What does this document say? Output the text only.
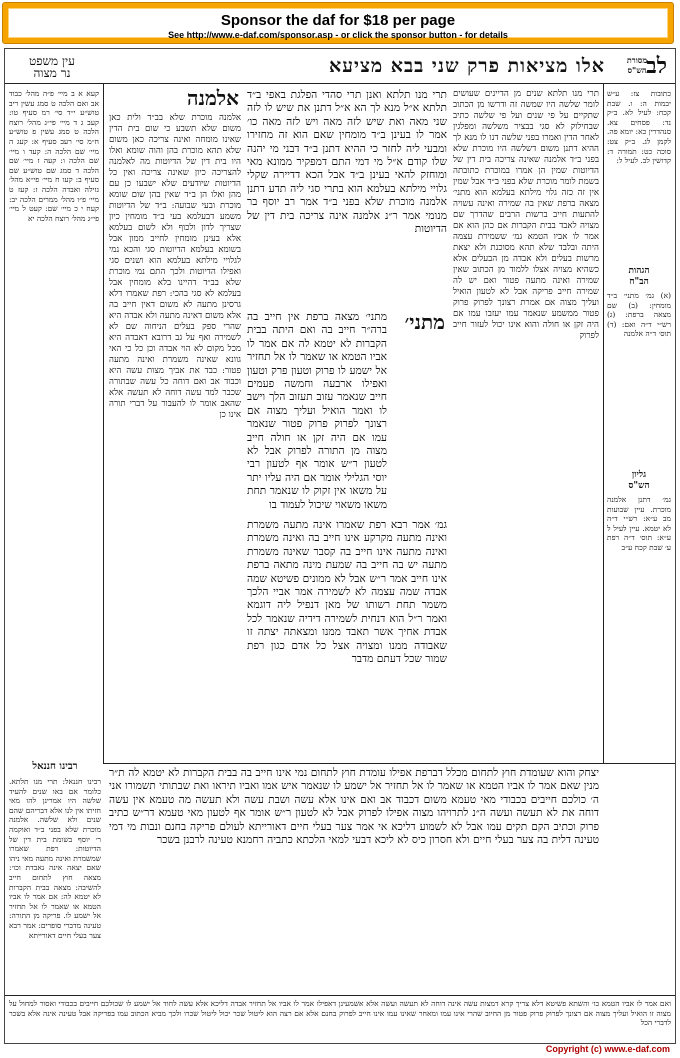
Sponsor the daf for $18 per page
See http://www.e-daf.com/sponsor.asp - or click the sponsor button - for details
לב
אלו מציאות פרק שני בבא מציעא
עין משפט
נר מצוה
מסורת
הש"ס
קעא א ב מיי׳ פ״ה מהל׳ כבוד אב ואם הלכה ט סמג עשין ריב טוש״ע י״ד סי׳ רמ סעיף טו: קעב ג ד מיי׳ פי״ג מהל׳ רוצח הלכה ט סמג עשין פ טוש״ע ח״מ סי׳ רעב סעיף א: קעג ה מיי׳ שם הלכה ה: קעד ו מיי׳ שם הלכה ו: קעה ז מיי׳ שם הלכה ד סמג שם טוש״ע שם סעיף ב: קעו ח מיי׳ פי״א מהל׳ גזילה ואבדה הלכה ז: קעז ט מיי׳ פ״ו מהל׳ ממרים הלכה יב: קעח י כ מיי׳ שם: קעט ל מיי׳ פי״ג מהל׳ רוצח הלכה יא
רבינו חננאל
רבינו חננאל: תרי מנו תלתא. כלומר אם באו שנים להעיד שלשה היו אמרינן להו מאי חזיתו אין לנו אלא דבריהם שהם שנים ולא שלשה. אלמנה מוכרת שלא בפני ב״ד ואוקמה ר׳ יוסף בשומת בית דין של הדיוטות: רפת שאמרו שמשמרת ואינה מתעה מאי ניהו שאם יצאה אינה נאבדת וכו׳: מצאה חוץ לתחום חייב להשיבה: מצאה בבית הקברות לא יטמא לה: אם אמר לו אביו הטמא או שאמר לו אל תחזיר אל ישמע לו. פריקה מן התורה: טעינה מדברי סופרים: אמר רבא צער בעלי חיים דאורייתא
אלמנה
אלמנה מוכרת שלא בב״ד ולית כאן משום שלא תשבע כי שום בית הדין שאינו מומחה ואינה צריכה כאן משום שלא תהא מוכרת בהן והוה שומא ואלו היו בית דין של הדיוטות מה לאלמנה להצריכה כיון שאינה צריכה ואין כל הדיוטות שיודעים שלא ישבעו כן עם מהן ואלו הן ב״ד שאין בהן שום שומא מוכרת ובעי שבועה: ב״ד של הדיוטות משמע דבעלמא בעי ב״ד מומחין כיון שצריך לדון ולכוף ולא לשום בעלמא אלא בעינן מומחין לחייב ממון אבל בשומא בעלמא הדיוטות סגי והכא נמי לגלויי מילתא בעלמא הוא ושנים סגי ואפילו הדיוטות ולכך התם נמי מוכרת שלא בב״ד דהיינו בלא מומחין אבל בעלמא לא סגי בהכי: רפת שאמרו דלא גרסינן מתעה לא משום דאין חייב בה אלא משום דאינה מתעה ולא אבדה היא שהרי ספק בעלים הניחוה שם לא לשמירה ואף על גב דרובא דאבדה היא מכל מקום לא הוי אבדה וכן כל כי האי גוונא שאינה משמרת ואינה מתעה פטור: כבד את אביך מצות עשה היא וכבוד אב ואם דוחה כל עשה שבתורה שכבר למד עשה דוחה לא תעשה אלא שהאב אומר לו להעבור על דברי תורה אינו כן
תרי מנו תלתא ואנן תרי סהדי הפלגת באפי ב״ד תלתא א״ל מנא לך הא א״ל דתנן את שיש לו לזה שני מאה ואת שיש לזה מאה ויש לזה מאה כו׳ אמר לו בעינן ב״ד מומחין שאם הוא זה מחזירו ומבעי ליה לחזר כי ההיא דתנן ב״ד דבני מי יהנה שלו קודם א״ל מי דמי התם דמפקיר ממונא מאי ומוחזק להאי בעינן ב״ד אבל הכא דדיירה שקלי גלויי מילתא בעלמא הוא בתרי סגי ליה תדע דתנן אלמנה מוכרת שלא בפני ב״ד אמר רב יוסף בר מנומי אמר ר״נ אלמנה אינה צריכה בית דין של הדיוטות
מתני׳
מתני׳ מצאה ברפת אין חייב בה ברה״ר חייב בה ואם היתה בבית הקברות לא יטמא לה אם אמר לו אביו הטמא או שאמר לו אל תחזיר אל ישמע לו פרוק וטעון פרק וטעון ואפילו ארבעה וחמשה פעמים חייב שנאמר עזוב תעזוב הלך וישב לו ואמר הואיל ועליך מצוה אם רצונך לפרוק פרוק פטור שנאמר עמו אם היה זקן או חולה חייב מצוה מן התורה לפרוק אבל לא לטעון ר״ש אומר אף לטעון רבי יוסי הגלילי אומר אם היה עליו יתר על משאו אין זקוק לו שנאמר תחת משאו משאוי שיכול לעמוד בו
גמ׳ אמר רבא רפת שאמרו אינה מתעה משמרת ואינה מתעה מקרקע אינו חייב בה ואינה משמרת ואינה מתעה אינו חייב בה קסבר שאינה משמרת מתעה יש בה חייב בה שמעת מינה מתאה ברפת אינו חייב אמר ר״ש אבל לא ממונים פשיטא שמה אבדה שמה עצמה לא לשמירה אמר אביי הלכך משמר תחת רשותו של מאן דנפיל ליה דוגמא ואמר ר״ל הוא דנחית לשמירה דידיה שנאמר לכל אבדת אחיך אשר תאבד ממנו ומצאתה יצתה זו שאבודה ממנו ומצויה אצל כל אדם כגון רפת שמור שכל דעתם מדבר
תרי מנו תלתא שנים מן הדיינים שעושים לומר שלשה היו שמשה זה ודרשו מן הכתוב שתקיים על פי שנים ועל פי שלשה כתיב שבחילוק לא סגי בבציר משלשה ומפלגין לאחר הדין ואמרו בפני שלשה דנו לו מנא לך ההיא דתנן משום דשלשה היו מוכרת שלא בפני ב״ד אלמנה שאינה צריכה בית דין של הדיוטות שמין הן אמרו במוכרת כתובתה בשמת לומר מוכרת שלא בפני ב״ד אבל שמין אין זה כזה גלוי מילתא בעלמא הוא מתני׳ מצאה ברפת שאין בה שמירה ואינה עשויה להתעות חייב ברשות הרבים שהדרך שם מצויה לאבד בבית הקברות אם כהן הוא אם אמר לו אביו הטמא גמ׳ ששמירת עצמה היתה ובלבד שלא תהא מסוכנת ולא יצאת מרשות בעלים ולא אבדה מן הבעלים אלא כשהיא מצויה אצלו ללמוד מן הכתוב שאין שמירה ואינה מתעה פטור ואם יש לה שמירה חייב פריקה אבל לא לטעון הואיל ועליך מצוה אם אמרת רצונך לפרוק פרוק פטור ממשמע שנאמר עמו יעזבו עמו אם היה זקן או חולה והוא אינו יכול לעזור חייב לפרוק
כתובות צז: ע״ש יבמות ה: ו. שבת קכח: לעיל לא. ב״ק נד: פסחים צא. סנהדרין כא: יומא פה. לקמן לג. ב״ק צט: סוכה כט: תמורה ד: קדושין לב. לעיל ל:
הגהות
הב"ח
(א) גמ׳ מתני׳ ב״ד מומחין: (ב) שם מצאה ברפת: (ג) רש״י ד״ה ואם: (ד) תוס׳ ד״ה אלמנה
גליון
הש"ס
גמ׳ דתנן אלמנה מוכרת. עיין שבועות מב ע״א: רש״י ד״ה לא יטמא. עיין לעיל ל ע״א: תוס׳ ד״ה רפת ע׳ שבת קכח ע״ב
יצחק והוא שעומדת חוץ לתחום מכלל דברפת אפילו עומדת חוץ לתחום נמי אינו חייב בה בבית הקברות לא יטמא לה ת״ר מנין שאם אמר לו אביו הטמא או שאמר לו אל תחזיר אל ישמע לו שנאמר איש אמו ואביו תיראו ואת שבתותי תשמורו אני ה׳ כולכם חייבים בכבודי מאי טעמא משום דכבוד אב ואם אינו אלא עשה ושבת עשה ולא תעשה מה טעמא אין עשה דוחה את לא תעשה ועשה ה״נ לתרויהו מצוה אפילו לפרוק אבל לא לטעון ר״ש אומר אף לטעון מאי טעמא דר״ש כתיב פרוק וכתיב הקם תקים עמו אבל לא לשמוע דליכא אי אמר צער בעלי חיים דאורייתא לעולם פריקה בחנם ונבות מי דמי טעינה דלית בה צער בעלי חיים ולא חסרון כיס לא ליכא דבעי למאי הלכתא כתביה רחמנא טעינה לרבנן בשכר
ואם אמר לו אביו הטמא כו׳ והשתא פשיטא דלא צריך קרא דמצות עשה אינה דוחה לא תעשה ועשה אלא אשמעינן דאפילו אמר לו אביו אל תחזיר אבדה דליכא אלא עשה לחוד אל ישמע לו שכולכם חייבים בכבודי ואסור למחול על מצוה זו הואיל ועליך מצוה אם רצונך לפרוק פרוק פטור מן החיוב שהרי אינו עמו ומאחר שאינו עמו אינו חייב לפרוק בחנם אלא אם רצה הוא ליטול שכר יכול ליטול שכרו ולכך מביא הכתוב עמו בפריקה אבל טעינה אינה אלא בשכר לדברי הכל
Copyright (c) www.e-daf.com
